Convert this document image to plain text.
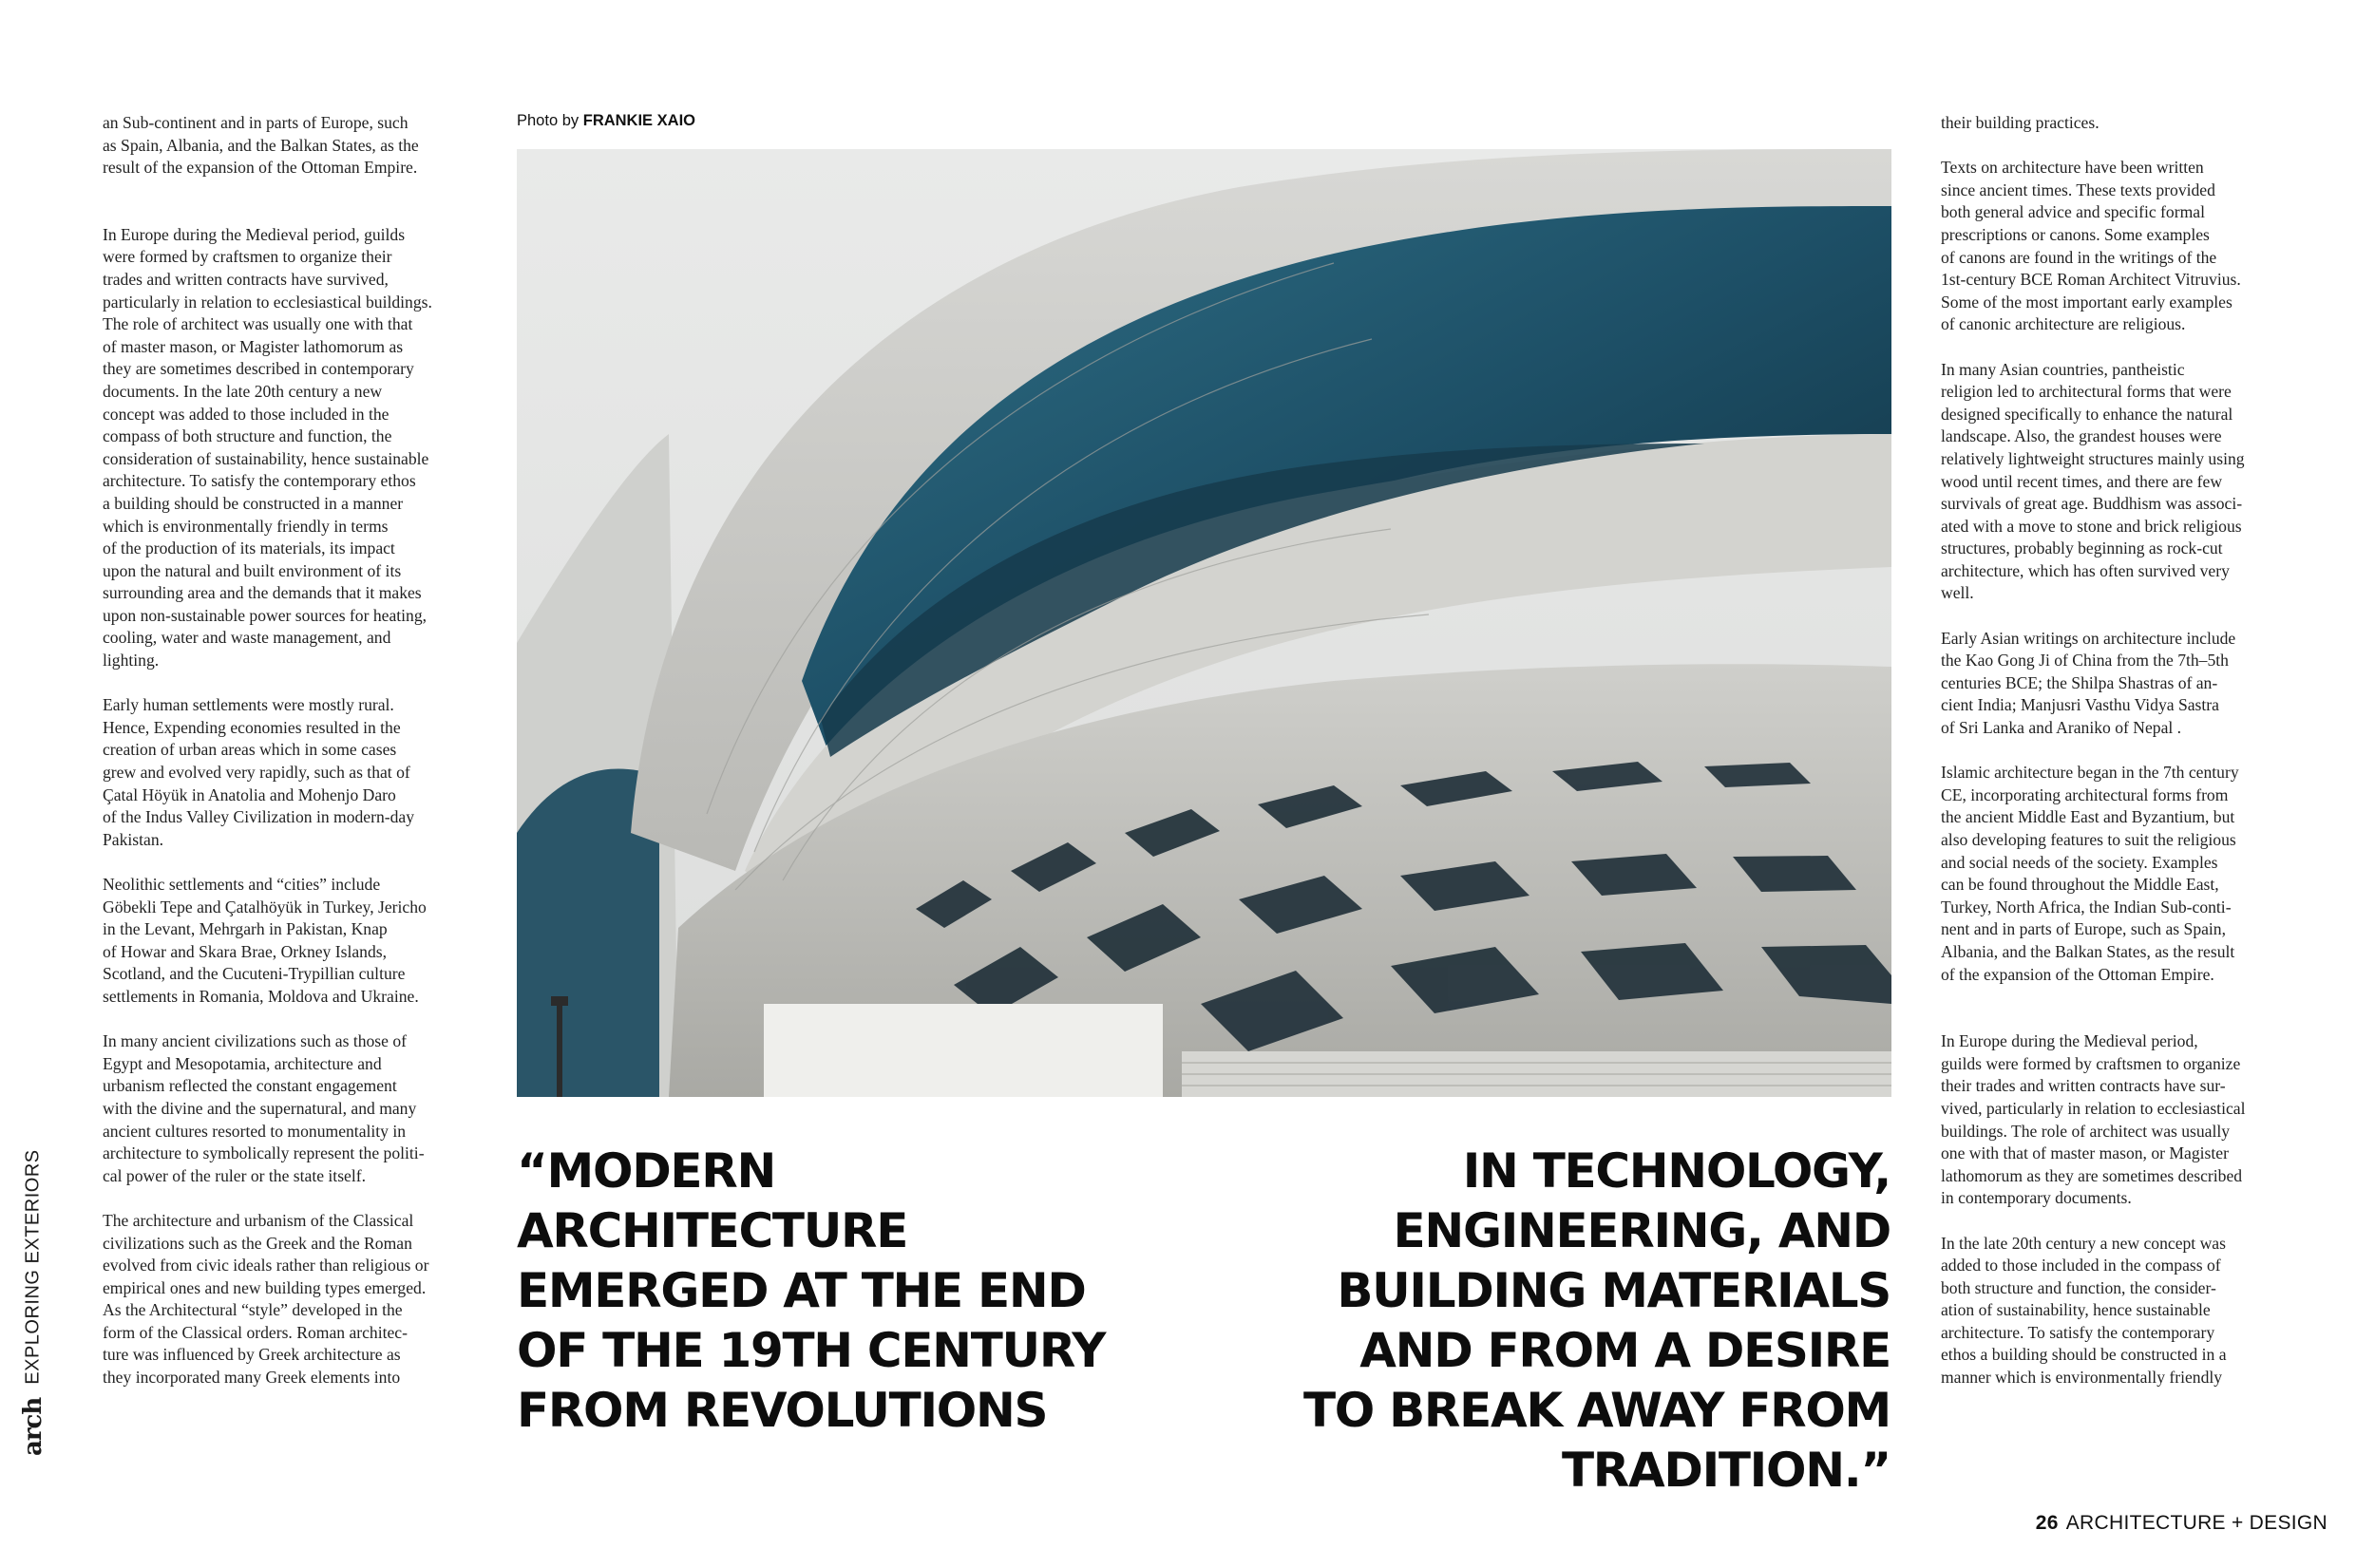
an Sub-continent and in parts of Europe, such
as Spain, Albania, and the Balkan States, as the
result of the expansion of the Ottoman Empire.

In Europe during the Medieval period, guilds
were formed by craftsmen to organize their
trades and written contracts have survived,
particularly in relation to ecclesiastical buildings.
The role of architect was usually one with that
of master mason, or Magister lathomorum as
they are sometimes described in contemporary
documents. In the late 20th century a new
concept was added to those included in the
compass of both structure and function, the
consideration of sustainability, hence sustainable
architecture. To satisfy the contemporary ethos
a building should be constructed in a manner
which is environmentally friendly in terms
of the production of its materials, its impact
upon the natural and built environment of its
surrounding area and the demands that it makes
upon non-sustainable power sources for heating,
cooling, water and waste management, and
lighting.

Early human settlements were mostly rural.
Hence, Expending economies resulted in the
creation of urban areas which in some cases
grew and evolved very rapidly, such as that of
Çatal Höyük in Anatolia and Mohenjo Daro
of the Indus Valley Civilization in modern-day
Pakistan.

Neolithic settlements and “cities” include
Göbekli Tepe and Çatalhöyük in Turkey, Jericho
in the Levant, Mehrgarh in Pakistan, Knap
of Howar and Skara Brae, Orkney Islands,
Scotland, and the Cucuteni-Trypillian culture
settlements in Romania, Moldova and Ukraine.

In many ancient civilizations such as those of
Egypt and Mesopotamia, architecture and
urbanism reflected the constant engagement
with the divine and the supernatural, and many
ancient cultures resorted to monumentality in
architecture to symbolically represent the politi-
cal power of the ruler or the state itself.

The architecture and urbanism of the Classical
civilizations such as the Greek and the Roman
evolved from civic ideals rather than religious or
empirical ones and new building types emerged.
As the Architectural “style” developed in the
form of the Classical orders. Roman architec-
ture was influenced by Greek architecture as
they incorporated many Greek elements into

Photo by FRANKIE XAIO
“MODERN
ARCHITECTURE
EMERGED AT THE END
OF THE 19TH CENTURY
FROM REVOLUTIONS
IN TECHNOLOGY,
ENGINEERING, AND
BUILDING MATERIALS
AND FROM A DESIRE
TO BREAK AWAY FROM
TRADITION.”

their building practices.

Texts on architecture have been written
since ancient times. These texts provided
both general advice and specific formal
prescriptions or canons. Some examples
of canons are found in the writings of the
1st-century BCE Roman Architect Vitruvius.
Some of the most important early examples
of canonic architecture are religious.

In many Asian countries, pantheistic
religion led to architectural forms that were
designed specifically to enhance the natural
landscape. Also, the grandest houses were
relatively lightweight structures mainly using
wood until recent times, and there are few
survivals of great age. Buddhism was associ-
ated with a move to stone and brick religious
structures, probably beginning as rock-cut
architecture, which has often survived very
well.

Early Asian writings on architecture include
the Kao Gong Ji of China from the 7th–5th
centuries BCE; the Shilpa Shastras of an-
cient India; Manjusri Vasthu Vidya Sastra
of Sri Lanka and Araniko of Nepal .

Islamic architecture began in the 7th century
CE, incorporating architectural forms from
the ancient Middle East and Byzantium, but
also developing features to suit the religious
and social needs of the society. Examples
can be found throughout the Middle East,
Turkey, North Africa, the Indian Sub-conti-
nent and in parts of Europe, such as Spain,
Albania, and the Balkan States, as the result
of the expansion of the Ottoman Empire.

In Europe during the Medieval period,
guilds were formed by craftsmen to organize
their trades and written contracts have sur-
vived, particularly in relation to ecclesiastical
buildings. The role of architect was usually
one with that of master mason, or Magister
lathomorum as they are sometimes described
in contemporary documents.

In the late 20th century a new concept was
added to those included in the compass of
both structure and function, the consider-
ation of sustainability, hence sustainable
architecture. To satisfy the contemporary
ethos a building should be constructed in a
manner which is environmentally friendly

archEXPLORING EXTERIORS
26 ARCHITECTURE + DESIGN
